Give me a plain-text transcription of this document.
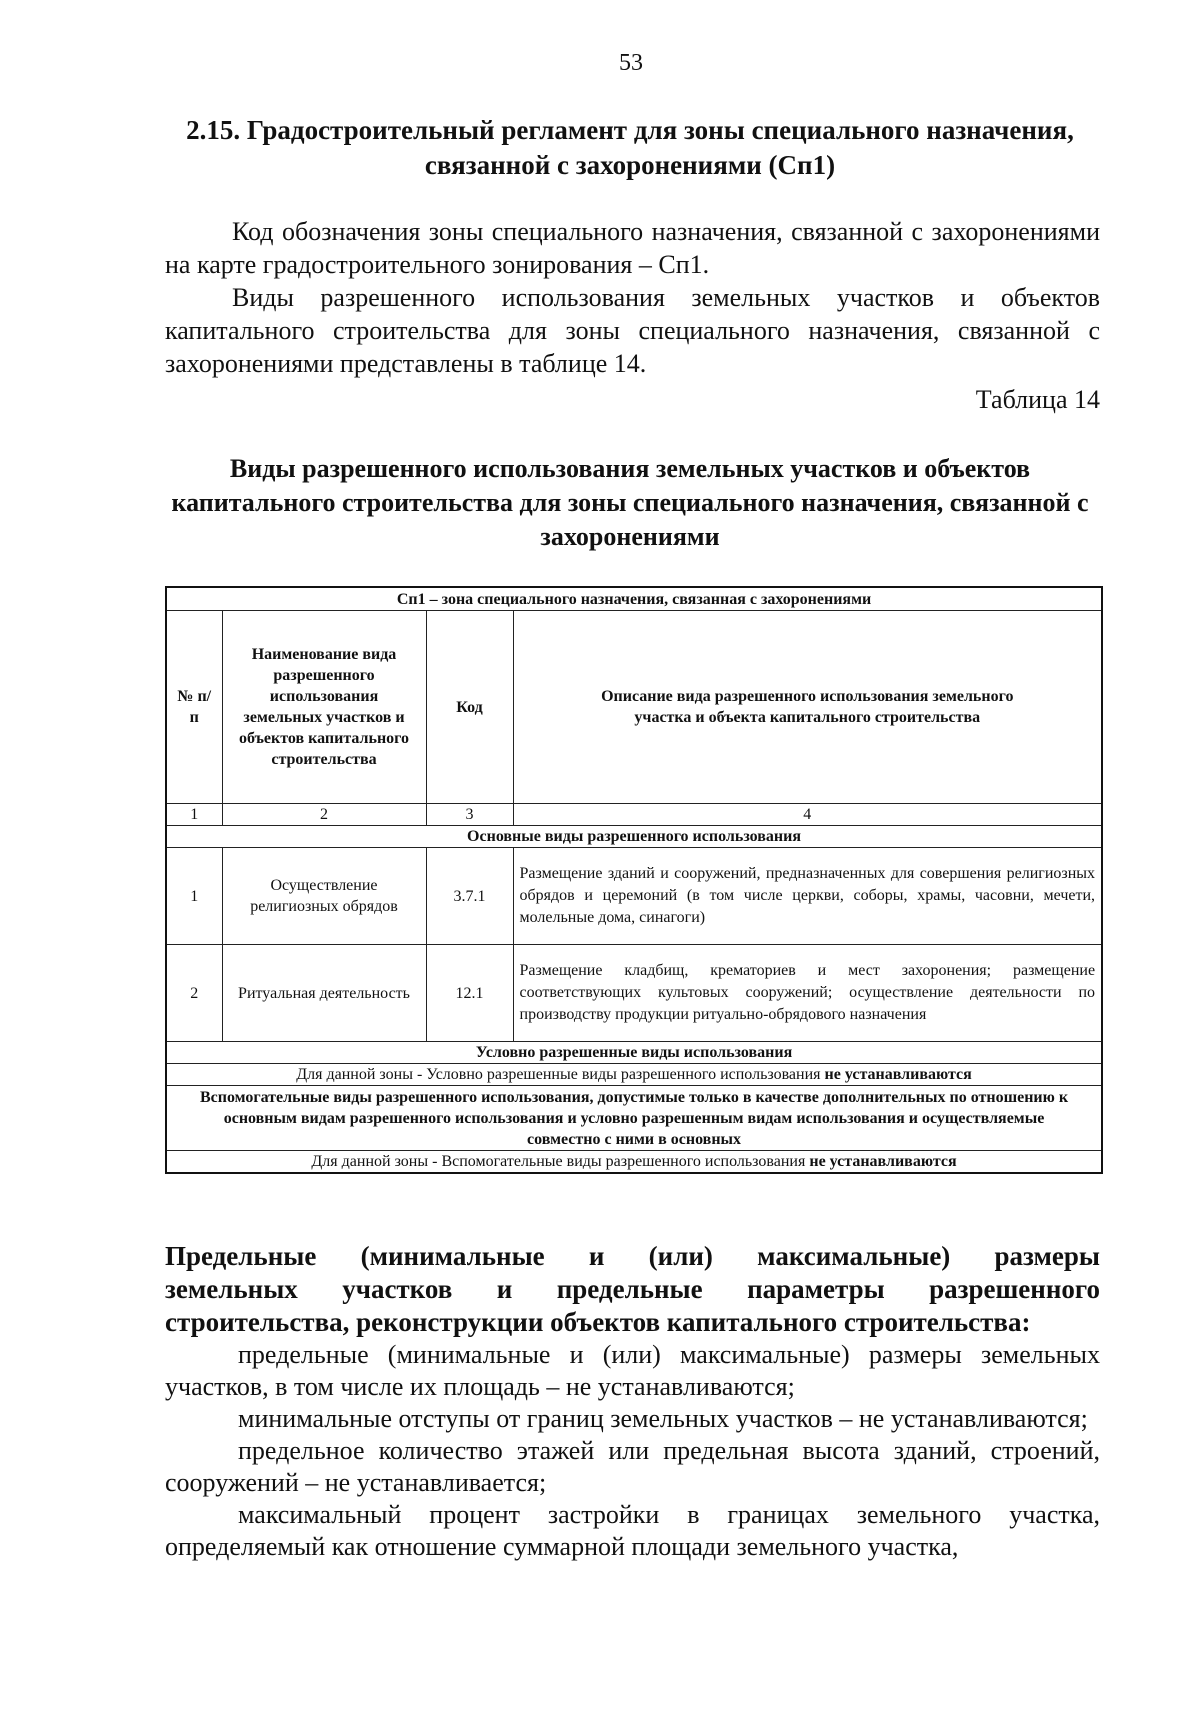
53
2.15. Градостроительный регламент для зоны специального назначения, связанной с захоронениями (Сп1)

Код обозначения зоны специального назначения, связанной с захоронениями на карте градостроительного зонирования – Сп1.

Виды разрешенного использования земельных участков и объектов капитального строительства для зоны специального назначения, связанной с захоронениями представлены в таблице 14.

Таблица 14
Виды разрешенного использования земельных участков и объектов капитального строительства для зоны специального назначения, связанной с захоронениями
Сп1 – зона специального назначения, связанная с захоронениями			
№ п/п	Наименование вида разрешенного использования земельных участков и объектов капитального строительства	Код	Описание вида разрешенного использования земельного участка и объекта капитального строительства
1	2	3	4
Основные виды разрешенного использования			
1	Осуществление религиозных обрядов	3.7.1	Размещение зданий и сооружений, предназначенных для совершения религиозных обрядов и церемоний (в том числе церкви, соборы, храмы, часовни, мечети, молельные дома, синагоги)
2	Ритуальная деятельность	12.1	Размещение кладбищ, крематориев и мест захоронения; размещение соответствующих культовых сооружений; осуществление деятельности по производству продукции ритуально-обрядового назначения
Условно разрешенные виды использования			
Для данной зоны - Условно разрешенные виды разрешенного использования не устанавливаются			
Вспомогательные виды разрешенного использования, допустимые только в качестве дополнительных по отношению к основным видам разрешенного использования и условно разрешенным видам использования и осуществляемые совместно с ними в основных			
Для данной зоны - Вспомогательные виды разрешенного использования не устанавливаются			
Предельные (минимальные и (или) максимальные) размеры
земельных участков и предельные параметры разрешенного
строительства, реконструкции объектов капитального строительства:

предельные (минимальные и (или) максимальные) размеры земельных участков, в том числе их площадь – не устанавливаются;

минимальные отступы от границ земельных участков – не устанавливаются;

предельное количество этажей или предельная высота зданий, строений, сооружений – не устанавливается;

максимальный процент застройки в границах земельного участка, определяемый как отношение суммарной площади земельного участка,
